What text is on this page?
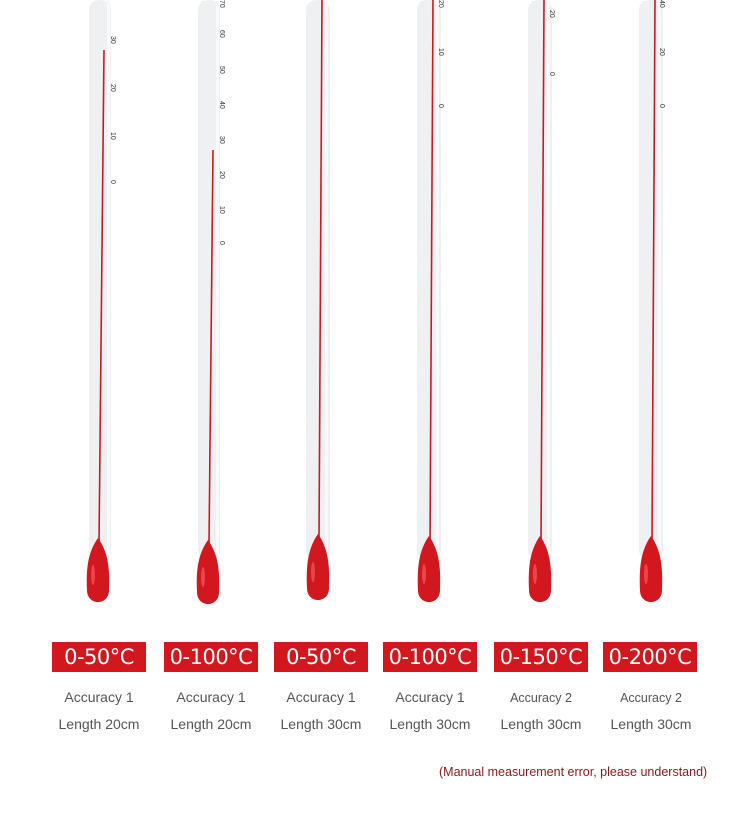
30
20
10
0
0-50°C
Accuracy 1
Length 20cm
70
60
50
40
30
20
10
0
0-100°C
Accuracy 1
Length 20cm
0-50°C
Accuracy 1
Length 30cm
20
10
0
0-100°C
Accuracy 1
Length 30cm
20
0
0-150°C
Accuracy 2
Length 30cm
40
20
0
0-200°C
Accuracy 2
Length 30cm
(Manual measurement error, please understand)
